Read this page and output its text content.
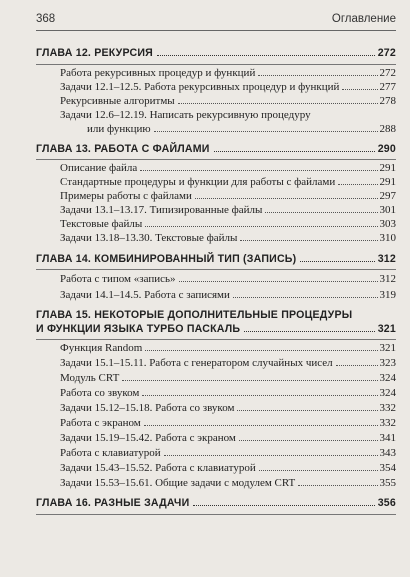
368	Оглавление
ГЛАВА 12. РЕКУРСИЯ	272
Работа рекурсивных процедур и функций	272
Задачи 12.1–12.5. Работа рекурсивных процедур и функций	277
Рекурсивные алгоритмы	278
Задачи 12.6–12.19. Написать рекурсивную процедуру
или функцию	288
ГЛАВА 13. РАБОТА С ФАЙЛАМИ	290
Описание файла	291
Стандартные процедуры и функции для работы с файлами	291
Примеры работы с файлами	297
Задачи 13.1–13.17. Типизированные файлы	301
Текстовые файлы	303
Задачи 13.18–13.30. Текстовые файлы	310
ГЛАВА 14. КОМБИНИРОВАННЫЙ ТИП (ЗАПИСЬ)	312
Работа с типом «запись»	312
Задачи 14.1–14.5. Работа с записями	319
ГЛАВА 15. НЕКОТОРЫЕ ДОПОЛНИТЕЛЬНЫЕ ПРОЦЕДУРЫ
И ФУНКЦИИ ЯЗЫКА ТУРБО ПАСКАЛЬ	321
Функция Random	321
Задачи 15.1–15.11. Работа с генератором случайных чисел	323
Модуль CRT	324
Работа со звуком	324
Задачи 15.12–15.18. Работа со звуком	332
Работа с экраном	332
Задачи 15.19–15.42. Работа с экраном	341
Работа с клавиатурой	343
Задачи 15.43–15.52. Работа с клавиатурой	354
Задачи 15.53–15.61. Общие задачи с модулем CRT	355
ГЛАВА 16. РАЗНЫЕ ЗАДАЧИ	356
